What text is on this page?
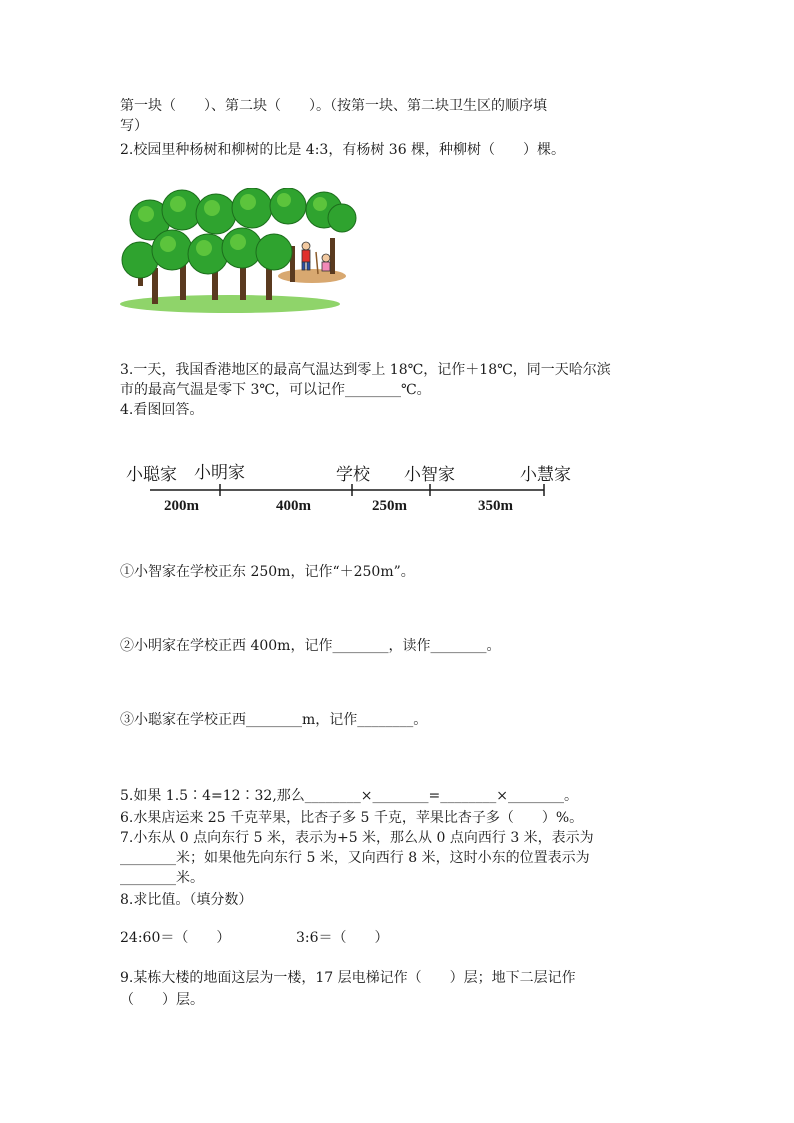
第一块（　　）、第二块（　　）。（按第一块、第二块卫生区的顺序填
写）
2.校园里种杨树和柳树的比是 4:3，有杨树 36 棵，种柳树（　　）棵。
3.一天，我国香港地区的最高气温达到零上 18℃，记作＋18℃，同一天哈尔滨
市的最高气温是零下 3℃，可以记作________℃。
4.看图回答。
小聪家 小明家	学校 小智家	小慧家
200m	400m	250m	350m
①小智家在学校正东 250m，记作“＋250m”。
②小明家在学校正西 400m，记作________，读作________。
③小聪家在学校正西________m，记作________。
5.如果 1.5∶4=12∶32,那么________×________=________×________。
6.水果店运来 25 千克苹果，比杏子多 5 千克，苹果比杏子多（　　）%。
7.小东从 0 点向东行 5 米，表示为+5 米，那么从 0 点向西行 3 米，表示为
________米；如果他先向东行 5 米，又向西行 8 米，这时小东的位置表示为
________米。
8.求比值。（填分数）
24:60＝（　　）	3:6＝（　　）
9.某栋大楼的地面这层为一楼，17 层电梯记作（　　）层；地下二层记作
（　　）层。
